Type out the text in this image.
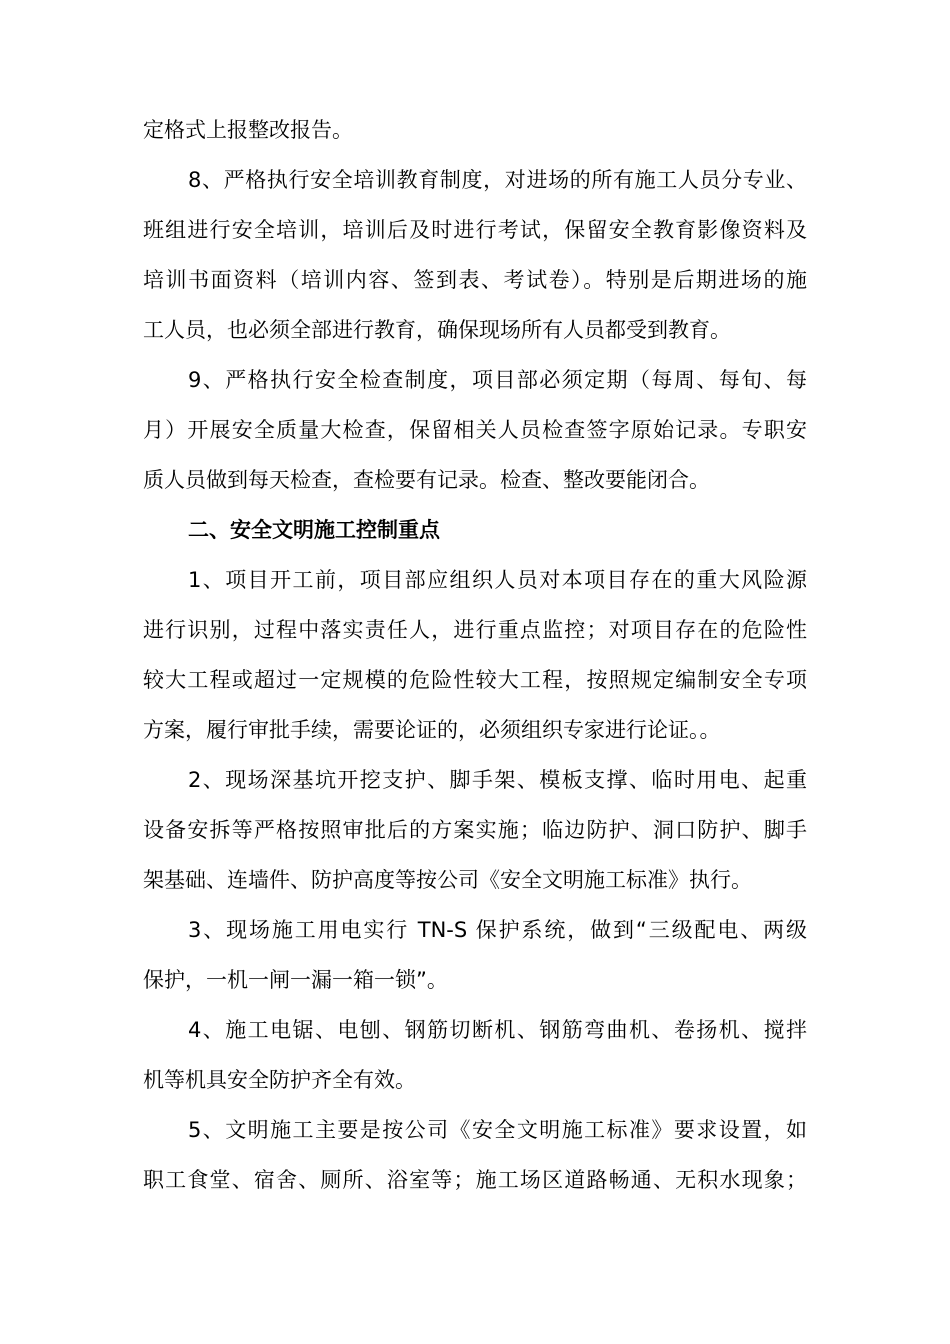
定格式上报整改报告。
8、严格执行安全培训教育制度，对进场的所有施工人员分专业、
班组进行安全培训，培训后及时进行考试，保留安全教育影像资料及
培训书面资料（培训内容、签到表、考试卷）。特别是后期进场的施
工人员，也必须全部进行教育，确保现场所有人员都受到教育。
9、严格执行安全检查制度，项目部必须定期（每周、每旬、每
月）开展安全质量大检查，保留相关人员检查签字原始记录。专职安
质人员做到每天检查，查检要有记录。检查、整改要能闭合。
二、安全文明施工控制重点
1、项目开工前，项目部应组织人员对本项目存在的重大风险源
进行识别，过程中落实责任人，进行重点监控；对项目存在的危险性
较大工程或超过一定规模的危险性较大工程，按照规定编制安全专项
方案，履行审批手续，需要论证的，必须组织专家进行论证。。
2、现场深基坑开挖支护、脚手架、模板支撑、临时用电、起重
设备安拆等严格按照审批后的方案实施；临边防护、洞口防护、脚手
架基础、连墙件、防护高度等按公司《安全文明施工标准》执行。
3、现场施工用电实行 TN-S 保护系统，做到“三级配电、两级
保护，一机一闸一漏一箱一锁”。
4、施工电锯、电刨、钢筋切断机、钢筋弯曲机、卷扬机、搅拌
机等机具安全防护齐全有效。
5、文明施工主要是按公司《安全文明施工标准》要求设置，如
职工食堂、宿舍、厕所、浴室等；施工场区道路畅通、无积水现象；
